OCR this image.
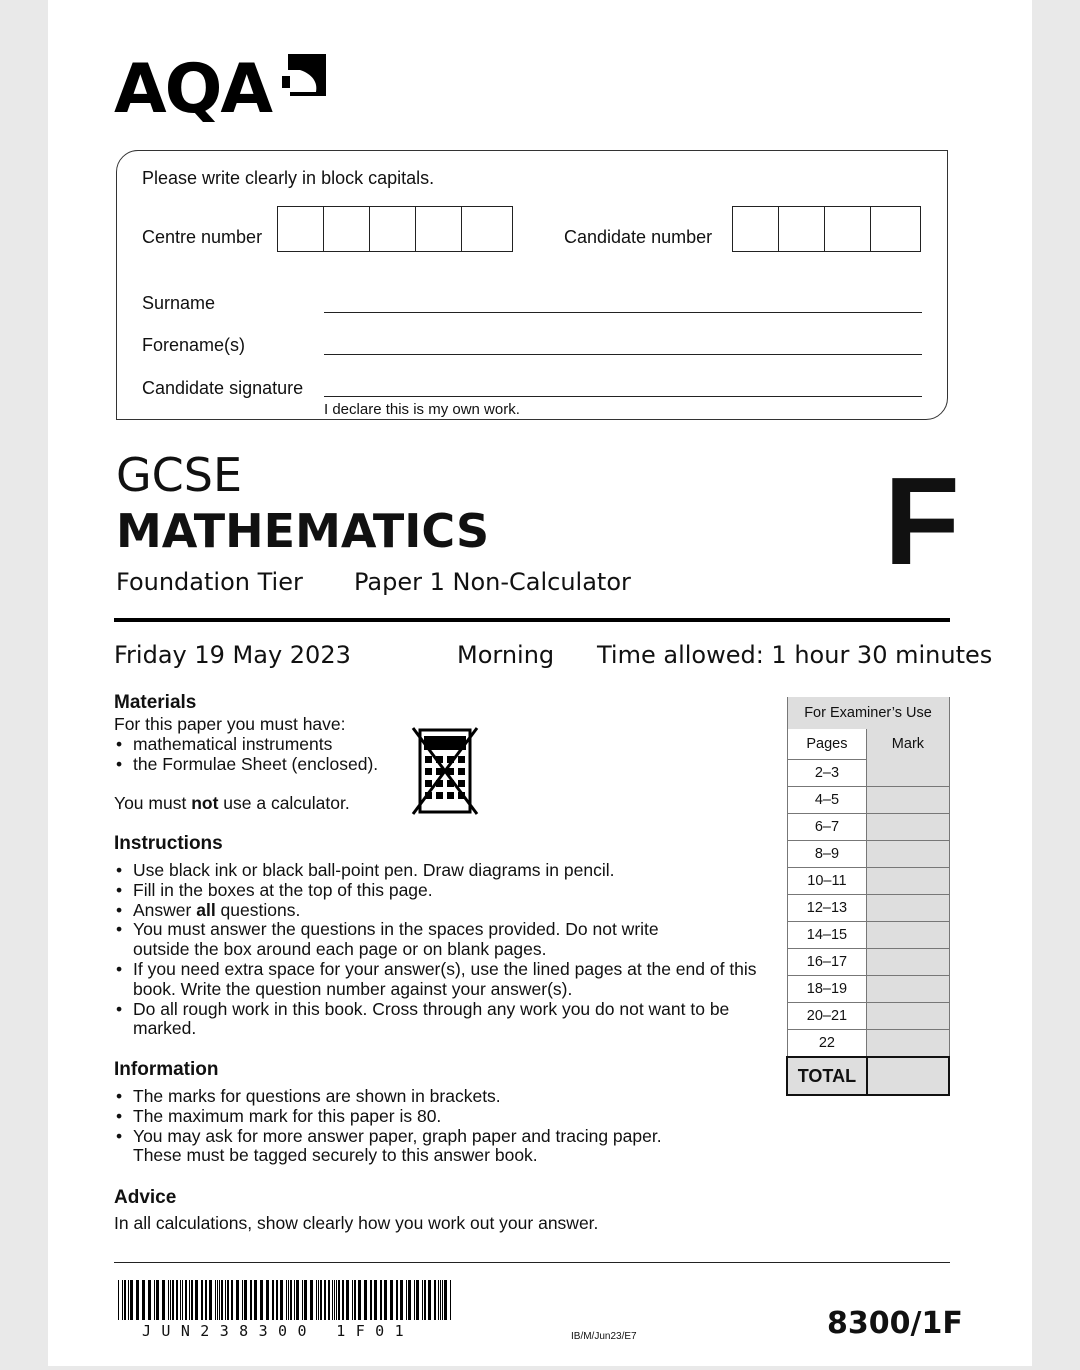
AQA
Please write clearly in block capitals.
Centre number	Candidate number
Surname
Forename(s)
Candidate signature
I declare this is my own work.
GCSE
MATHEMATICS
Foundation Tier Paper 1 Non-Calculator F
Friday 19 May 2023	Morning Time allowed: 1 hour 30 minutes
Materials
For this paper you must have:
• mathematical instruments
• the Formulae Sheet (enclosed).
You must not use a calculator.
Instructions
• Use black ink or black ball-point pen. Draw diagrams in pencil.
• Fill in the boxes at the top of this page.
• Answer all questions.
• You must answer the questions in the spaces provided. Do not write outside the box around each page or on blank pages.
• If you need extra space for your answer(s), use the lined pages at the end of this book. Write the question number against your answer(s).
• Do all rough work in this book. Cross through any work you do not want to be marked.
Information
• The marks for questions are shown in brackets.
• The maximum mark for this paper is 80.
• You may ask for more answer paper, graph paper and tracing paper. These must be tagged securely to this answer book.
Advice
In all calculations, show clearly how you work out your answer.
For Examiner’s Use	
Pages	Mark
2–3	
4–5	
6–7	
8–9	
10–11	
12–13	
14–15	
16–17	
18–19	
20–21	
22	
TOTAL	
JUN238300 1F01	IB/M/Jun23/E7	8300/1F
